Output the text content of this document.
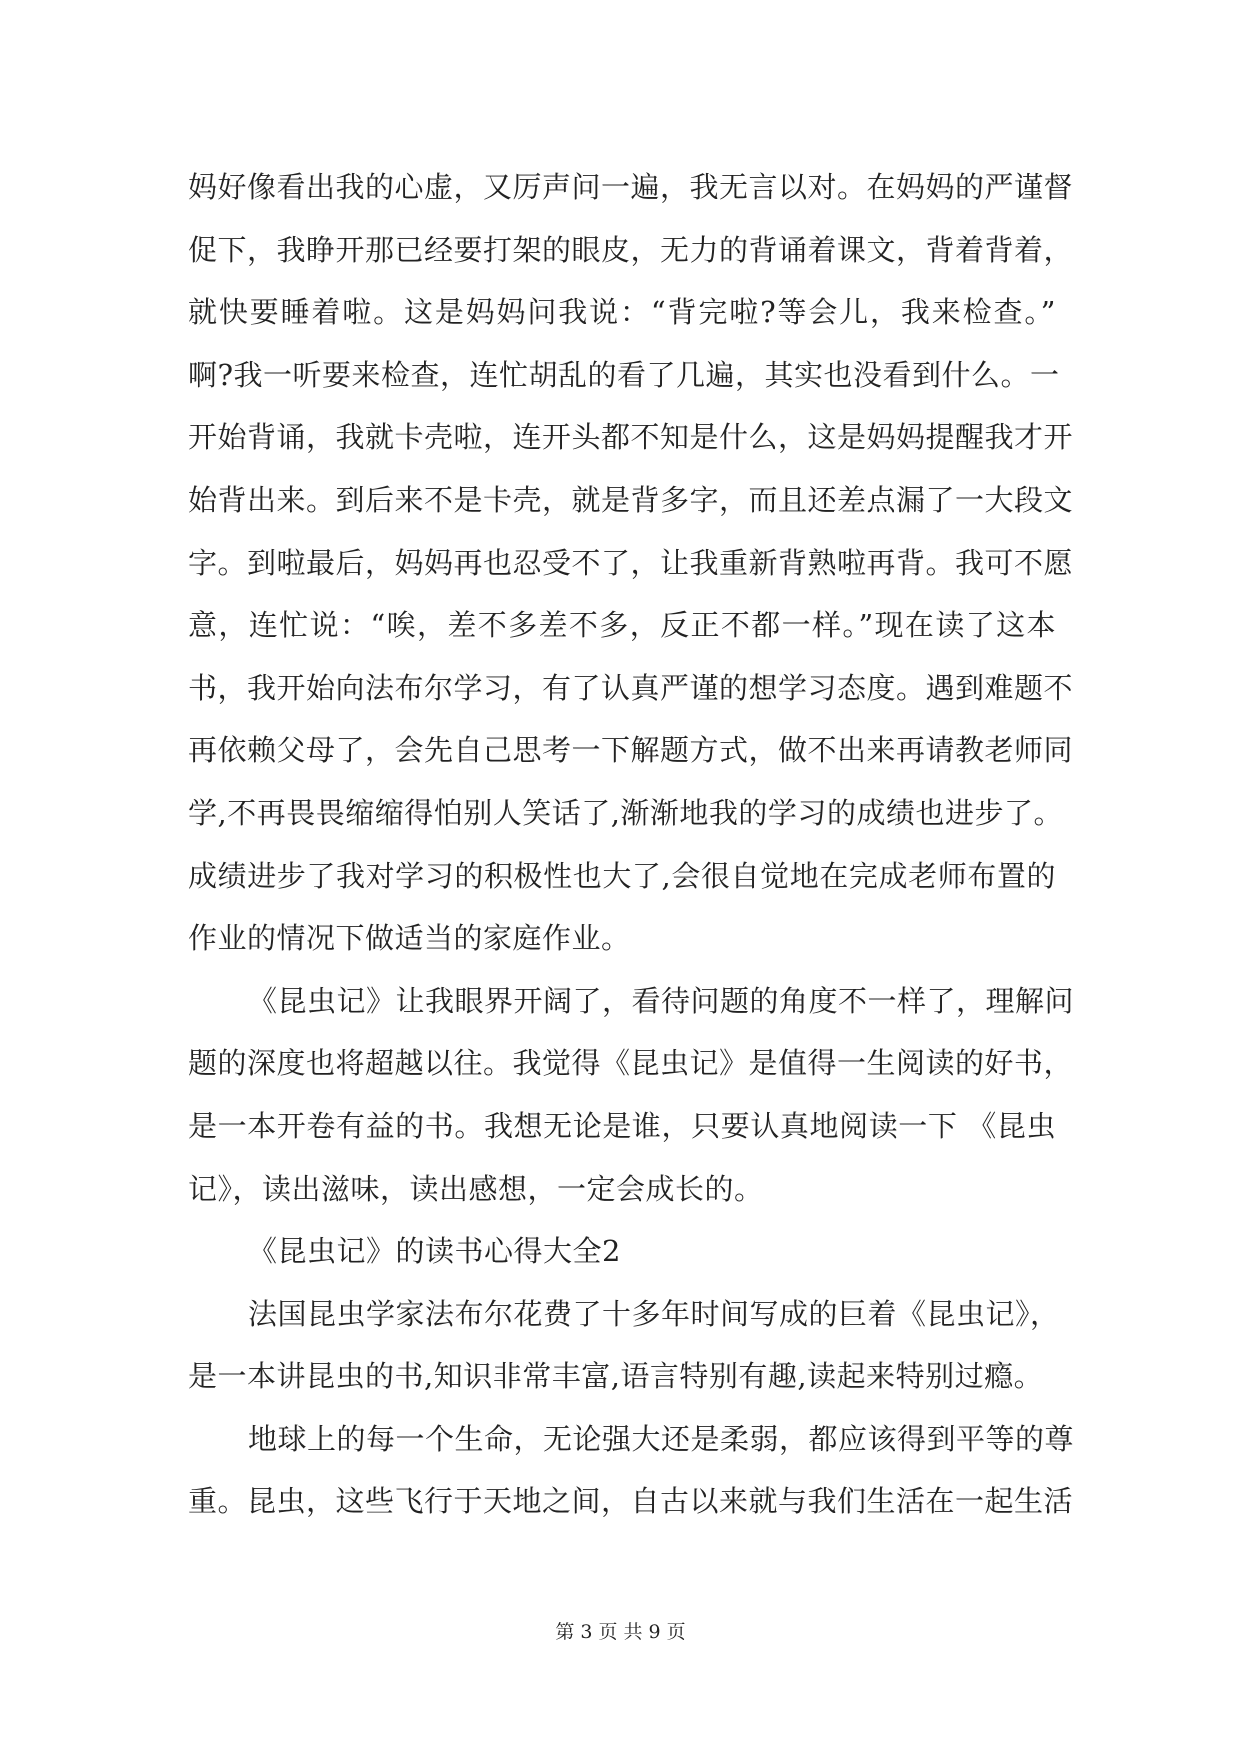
妈好像看出我的心虚，又厉声问一遍，我无言以对。在妈妈的严谨督
促下，我睁开那已经要打架的眼皮，无力的背诵着课文，背着背着，
就快要睡着啦。这是妈妈问我说：“背完啦?等会儿，我来检查。”
啊?我一听要来检查，连忙胡乱的看了几遍，其实也没看到什么。一
开始背诵，我就卡壳啦，连开头都不知是什么，这是妈妈提醒我才开
始背出来。到后来不是卡壳，就是背多字，而且还差点漏了一大段文
字。到啦最后，妈妈再也忍受不了，让我重新背熟啦再背。我可不愿
意，连忙说：“唉，差不多差不多，反正不都一样。”现在读了这本
书，我开始向法布尔学习，有了认真严谨的想学习态度。遇到难题不
再依赖父母了，会先自己思考一下解题方式，做不出来再请教老师同
学,不再畏畏缩缩得怕别人笑话了,渐渐地我的学习的成绩也进步了。
成绩进步了我对学习的积极性也大了,会很自觉地在完成老师布置的
作业的情况下做适当的家庭作业。
《昆虫记》让我眼界开阔了，看待问题的角度不一样了，理解问
题的深度也将超越以往。我觉得《昆虫记》是值得一生阅读的好书，
是一本开卷有益的书。我想无论是谁，只要认真地阅读一下 《昆虫
记》，读出滋味，读出感想，一定会成长的。
《昆虫记》的读书心得大全2
法国昆虫学家法布尔花费了十多年时间写成的巨着《昆虫记》，
是一本讲昆虫的书,知识非常丰富,语言特别有趣,读起来特别过瘾。
地球上的每一个生命，无论强大还是柔弱，都应该得到平等的尊
重。昆虫，这些飞行于天地之间，自古以来就与我们生活在一起生活
第 3 页 共 9 页
